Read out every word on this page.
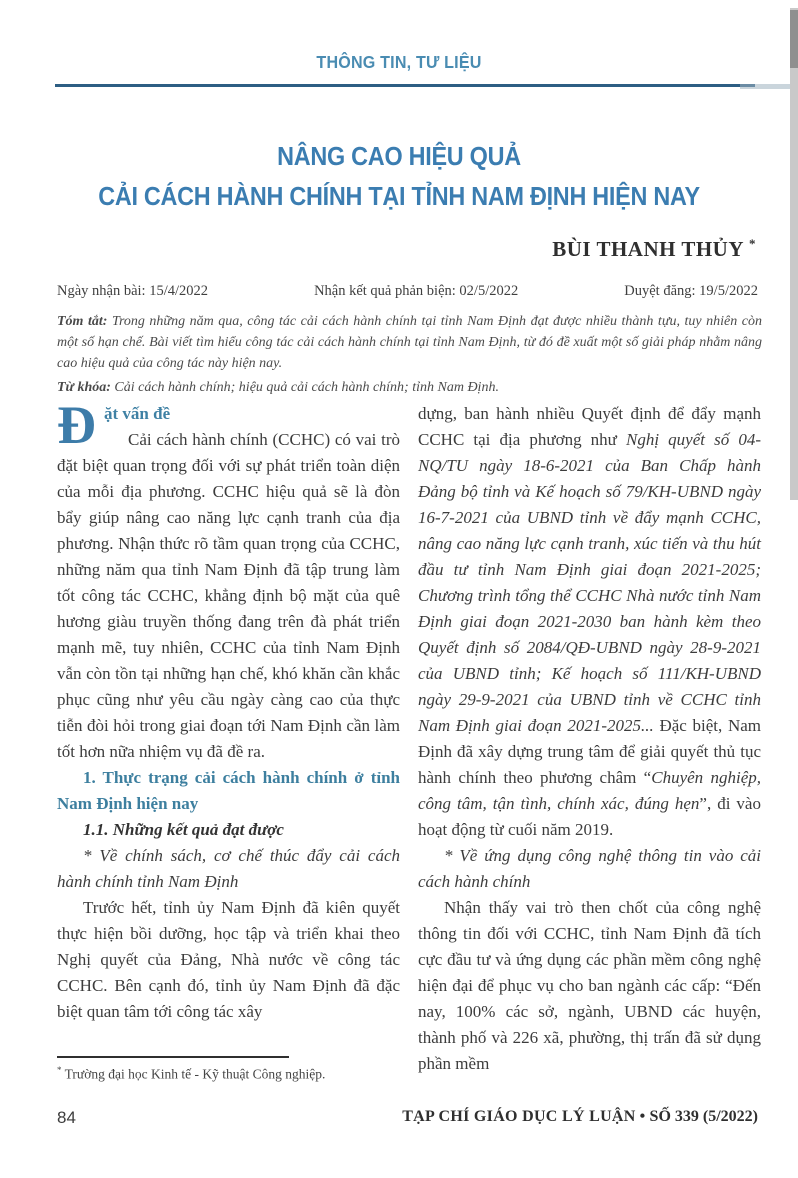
THÔNG TIN, TƯ LIỆU
NÂNG CAO HIỆU QUẢ
CẢI CÁCH HÀNH CHÍNH TẠI TỈNH NAM ĐỊNH HIỆN NAY
BÙI THANH THỦY *
Ngày nhận bài: 15/4/2022	Nhận kết quả phản biện: 02/5/2022	Duyệt đăng: 19/5/2022
Tóm tắt: Trong những năm qua, công tác cải cách hành chính tại tỉnh Nam Định đạt được nhiều thành tựu, tuy nhiên còn một số hạn chế. Bài viết tìm hiểu công tác cải cách hành chính tại tỉnh Nam Định, từ đó đề xuất một số giải pháp nhằm nâng cao hiệu quả của công tác này hiện nay.
Từ khóa: Cải cách hành chính; hiệu quả cải cách hành chính; tỉnh Nam Định.

Đ ặt vấn đề
Cải cách hành chính (CCHC) có vai trò đặt biệt quan trọng đối với sự phát triển toàn diện của mỗi địa phương. CCHC hiệu quả sẽ là đòn bẩy giúp nâng cao năng lực cạnh tranh của địa phương. Nhận thức rõ tầm quan trọng của CCHC, những năm qua tỉnh Nam Định đã tập trung làm tốt công tác CCHC, khẳng định bộ mặt của quê hương giàu truyền thống đang trên đà phát triển mạnh mẽ, tuy nhiên, CCHC của tỉnh Nam Định vẫn còn tồn tại những hạn chế, khó khăn cần khắc phục cũng như yêu cầu ngày càng cao của thực tiễn đòi hỏi trong giai đoạn tới Nam Định cần làm tốt hơn nữa nhiệm vụ đã đề ra.

1. Thực trạng cải cách hành chính ở tỉnh Nam Định hiện nay

1.1. Những kết quả đạt được

* Về chính sách, cơ chế thúc đẩy cải cách hành chính tỉnh Nam Định

Trước hết, tỉnh ủy Nam Định đã kiên quyết thực hiện bồi dưỡng, học tập và triển khai theo Nghị quyết của Đảng, Nhà nước về công tác CCHC. Bên cạnh đó, tỉnh ủy Nam Định đã đặc biệt quan tâm tới công tác xây

dựng, ban hành nhiều Quyết định để đẩy mạnh CCHC tại địa phương như Nghị quyết số 04-NQ/TU ngày 18-6-2021 của Ban Chấp hành Đảng bộ tỉnh và Kế hoạch số 79/KH-UBND ngày 16-7-2021 của UBND tỉnh về đẩy mạnh CCHC, nâng cao năng lực cạnh tranh, xúc tiến và thu hút đầu tư tỉnh Nam Định giai đoạn 2021-2025; Chương trình tổng thể CCHC Nhà nước tỉnh Nam Định giai đoạn 2021-2030 ban hành kèm theo Quyết định số 2084/QĐ-UBND ngày 28-9-2021 của UBND tỉnh; Kế hoạch số 111/KH-UBND ngày 29-9-2021 của UBND tỉnh về CCHC tỉnh Nam Định giai đoạn 2021-2025... Đặc biệt, Nam Định đã xây dựng trung tâm để giải quyết thủ tục hành chính theo phương châm “Chuyên nghiệp, công tâm, tận tình, chính xác, đúng hẹn”, đi vào hoạt động từ cuối năm 2019.

* Về ứng dụng công nghệ thông tin vào cải cách hành chính

Nhận thấy vai trò then chốt của công nghệ thông tin đối với CCHC, tỉnh Nam Định đã tích cực đầu tư và ứng dụng các phần mềm công nghệ hiện đại để phục vụ cho ban ngành các cấp: “Đến nay, 100% các sở, ngành, UBND các huyện, thành phố và 226 xã, phường, thị trấn đã sử dụng phần mềm

* Trường đại học Kinh tế - Kỹ thuật Công nghiệp.
84	TẠP CHÍ GIÁO DỤC LÝ LUẬN • SỐ 339 (5/2022)
